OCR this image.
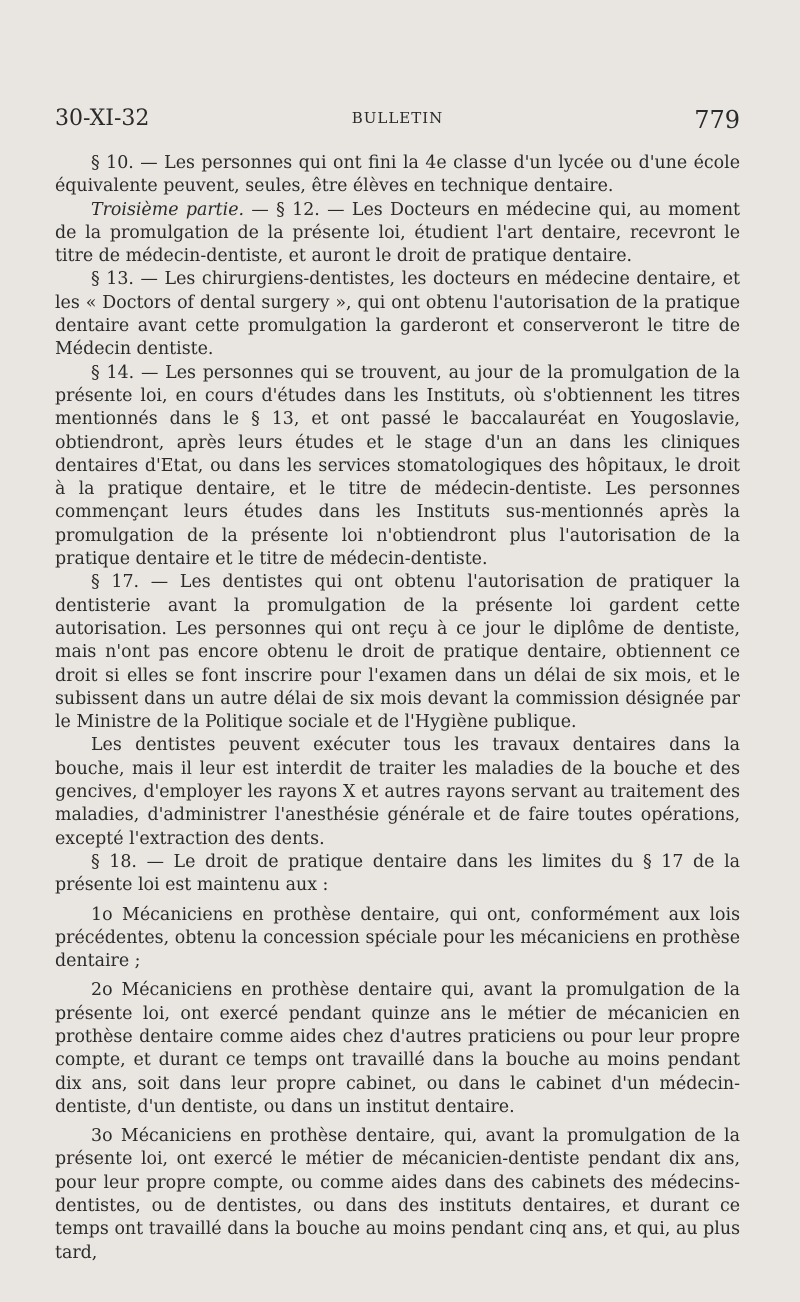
30-XI-32	BULLETIN	779

§ 10. — Les personnes qui ont fini la 4e classe d'un lycée ou d'une école équivalente peuvent, seules, être élèves en technique dentaire.

Troisième partie. — § 12. — Les Docteurs en médecine qui, au moment de la promulgation de la présente loi, étudient l'art dentaire, recevront le titre de médecin-dentiste, et auront le droit de pratique dentaire.

§ 13. — Les chirurgiens-dentistes, les docteurs en médecine dentaire, et les « Doctors of dental surgery », qui ont obtenu l'autorisation de la pratique dentaire avant cette promulgation la garderont et conserveront le titre de Médecin dentiste.

§ 14. — Les personnes qui se trouvent, au jour de la promulgation de la présente loi, en cours d'études dans les Instituts, où s'obtiennent les titres mentionnés dans le § 13, et ont passé le baccalauréat en Yougoslavie, obtiendront, après leurs études et le stage d'un an dans les cliniques dentaires d'Etat, ou dans les services stomatologiques des hôpitaux, le droit à la pratique dentaire, et le titre de médecin-dentiste. Les personnes commençant leurs études dans les Instituts sus-mentionnés après la promulgation de la présente loi n'obtiendront plus l'autorisation de la pratique dentaire et le titre de médecin-dentiste.

§ 17. — Les dentistes qui ont obtenu l'autorisation de pratiquer la dentisterie avant la promulgation de la présente loi gardent cette autorisation. Les personnes qui ont reçu à ce jour le diplôme de dentiste, mais n'ont pas encore obtenu le droit de pratique dentaire, obtiennent ce droit si elles se font inscrire pour l'examen dans un délai de six mois, et le subissent dans un autre délai de six mois devant la commission désignée par le Ministre de la Politique sociale et de l'Hygiène publique.

Les dentistes peuvent exécuter tous les travaux dentaires dans la bouche, mais il leur est interdit de traiter les maladies de la bouche et des gencives, d'employer les rayons X et autres rayons servant au traitement des maladies, d'administrer l'anesthésie générale et de faire toutes opérations, excepté l'extraction des dents.

§ 18. — Le droit de pratique dentaire dans les limites du § 17 de la présente loi est maintenu aux :

1o Mécaniciens en prothèse dentaire, qui ont, conformément aux lois précédentes, obtenu la concession spéciale pour les mécaniciens en prothèse dentaire ;

2o Mécaniciens en prothèse dentaire qui, avant la promulgation de la présente loi, ont exercé pendant quinze ans le métier de mécanicien en prothèse dentaire comme aides chez d'autres praticiens ou pour leur propre compte, et durant ce temps ont travaillé dans la bouche au moins pendant dix ans, soit dans leur propre cabinet, ou dans le cabinet d'un médecin-dentiste, d'un dentiste, ou dans un institut dentaire.

3o Mécaniciens en prothèse dentaire, qui, avant la promulgation de la présente loi, ont exercé le métier de mécanicien-dentiste pendant dix ans, pour leur propre compte, ou comme aides dans des cabinets des médecins-dentistes, ou de dentistes, ou dans des instituts dentaires, et durant ce temps ont travaillé dans la bouche au moins pendant cinq ans, et qui, au plus tard,
